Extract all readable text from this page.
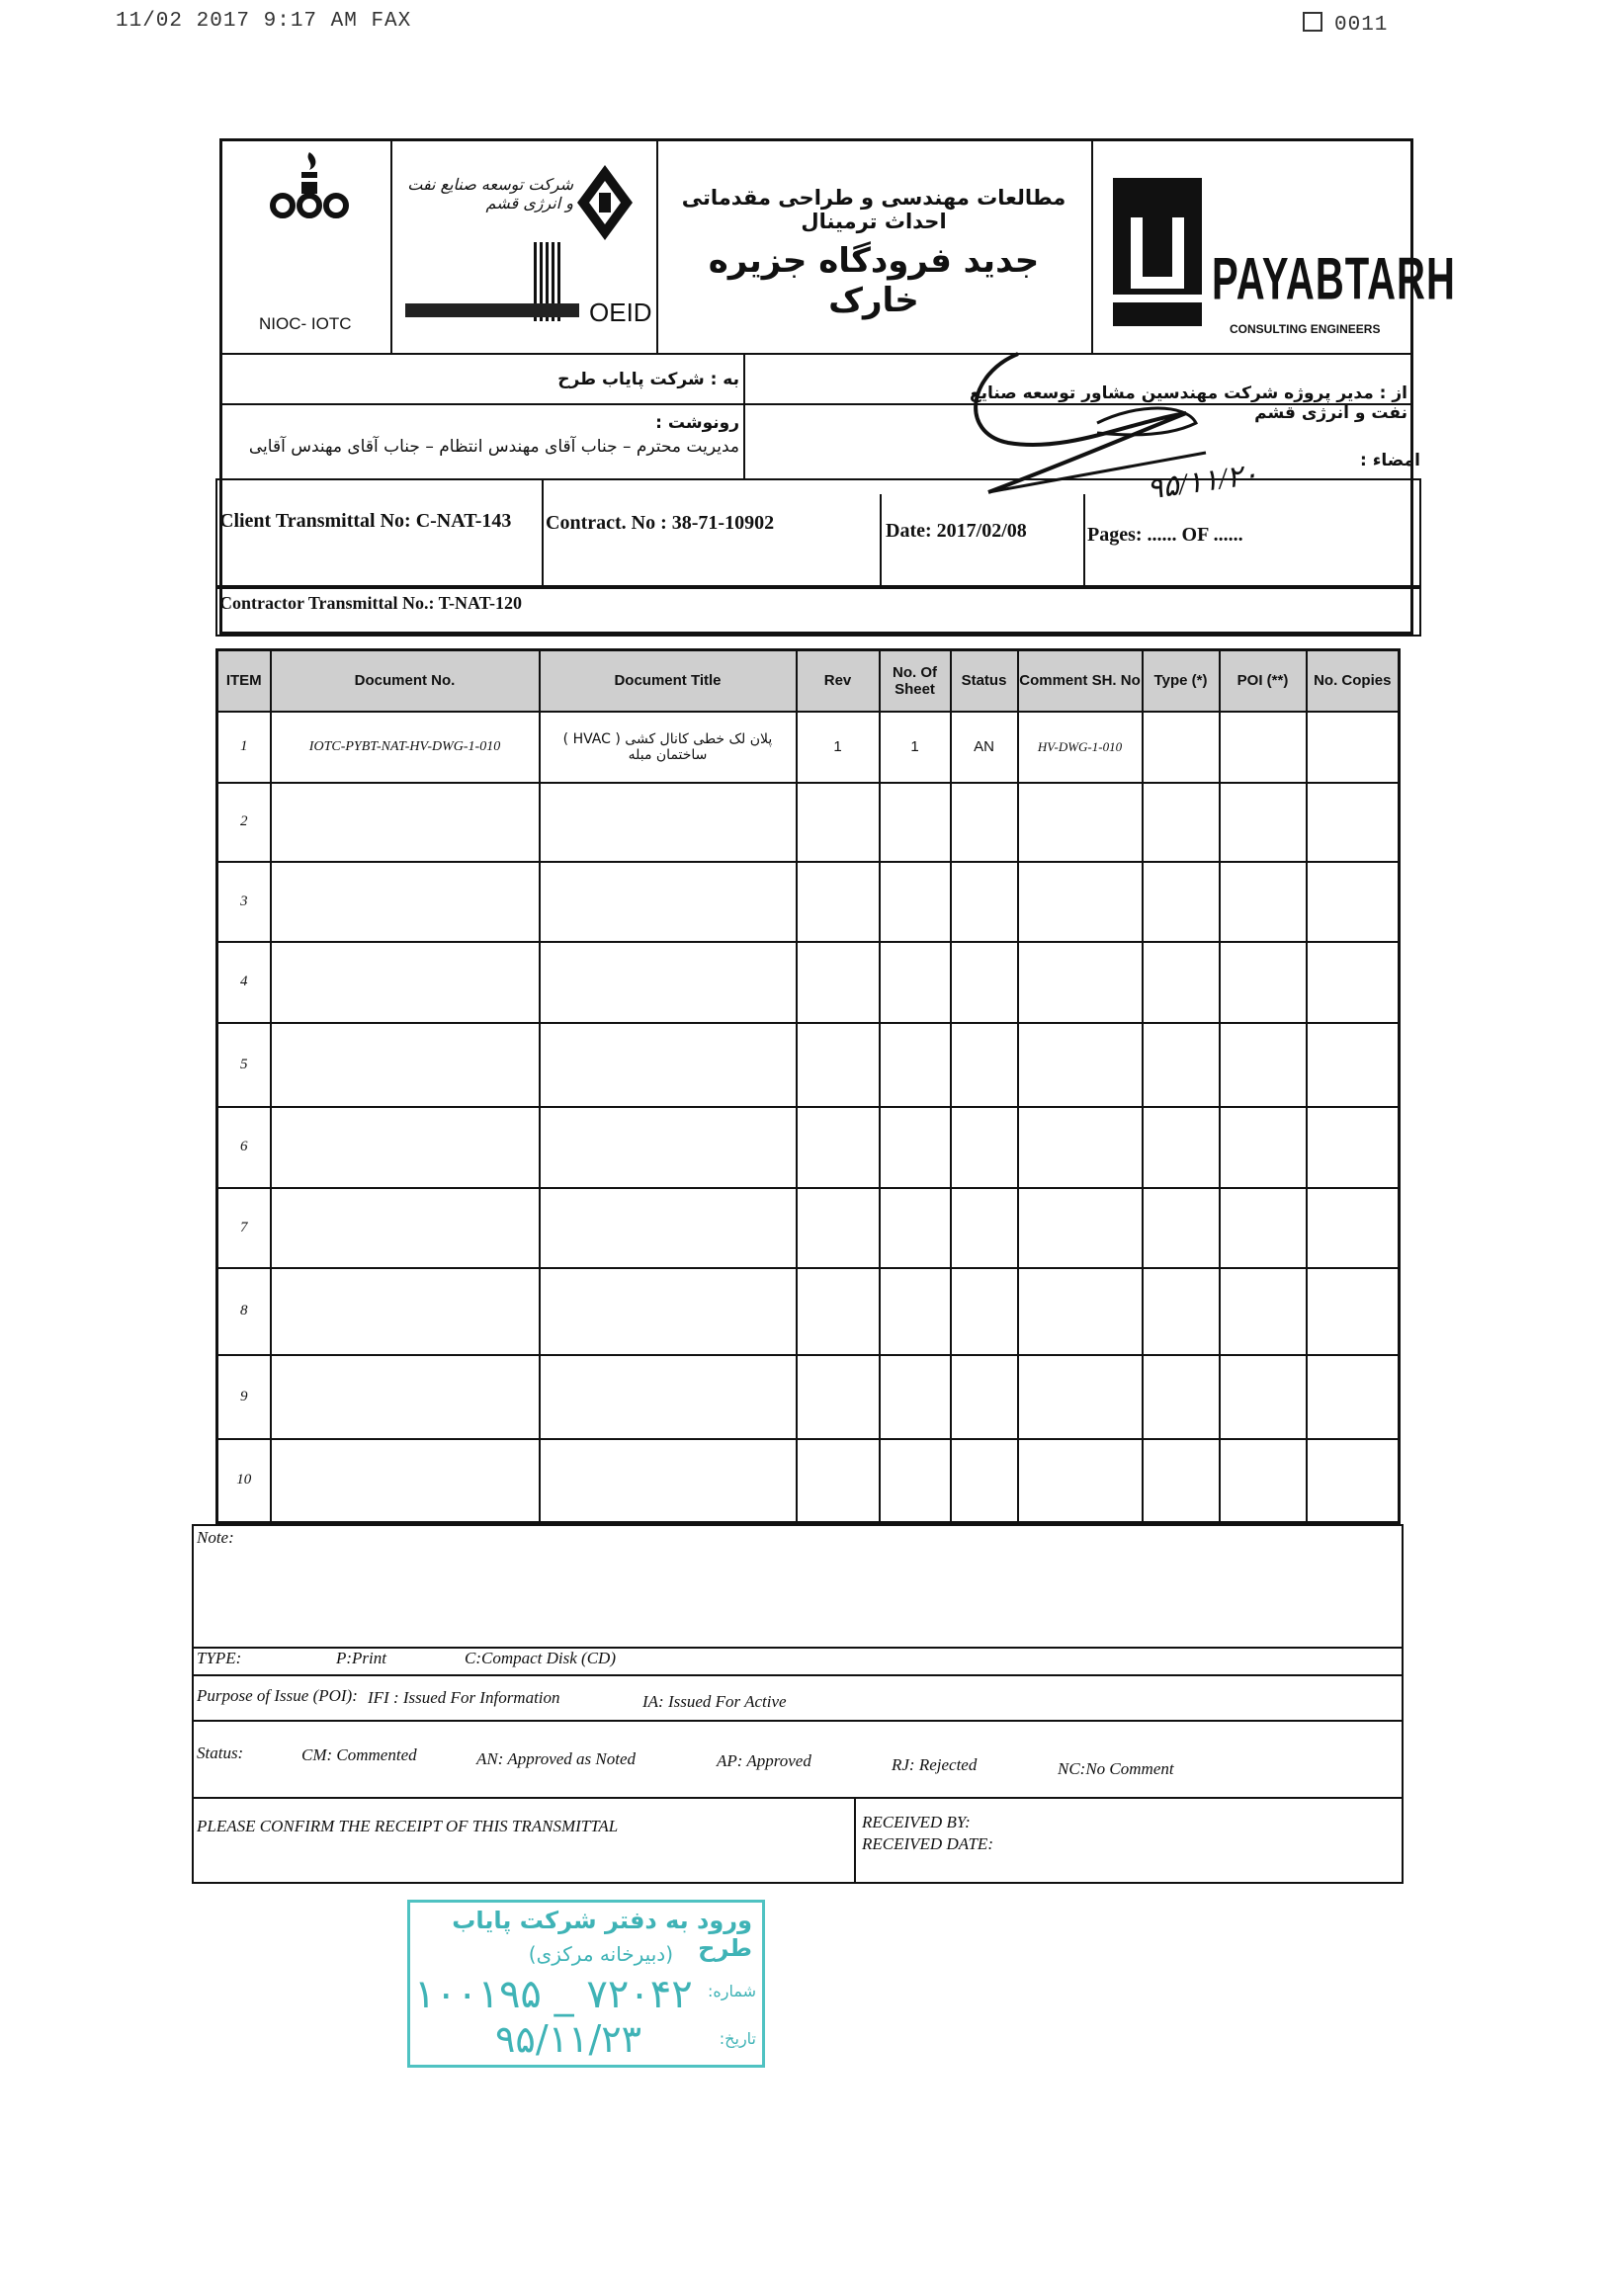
11/02 2017 9:17 AM FAX	0011
NIOC- IOTC
شرکت توسعه صنایع نفت و انرژی قشم
OEID
مطالعات مهندسی و طراحی مقدماتی احداث ترمینال
جدید فرودگاه جزیره خارک	PAYABTARH
CONSULTING ENGINEERS
به : شرکت پایاب طرح
از : مدیر پروژه شرکت مهندسین مشاور توسعه صنایع نفت و انرژی قشم
رونوشت :
مدیریت محترم – جناب آقای مهندس انتظام – جناب آقای مهندس آقایی
امضاء :
۹۵/۱۱/۲۰
Client Transmittal No: C-NAT-143 Contract. No : 38-71-10902	Date: 2017/02/08	Pages: ...... OF ......
Contractor Transmittal No.: T-NAT-120
ITEM	Document No.	Document Title	Rev	No. Of Sheet	Status	Comment SH. No	Type (*)	POI (**)	No. Copies
1	IOTC-PYBT-NAT-HV-DWG-1-010	پلان لک خطی کانال کشی ( HVAC ) ساختمان مبله	1	1	AN	HV-DWG-1-010			
2									
3									
4									
5									
6									
7									
8									
9									
10									
Note:
TYPE:	P:Print	C:Compact Disk (CD)
Purpose of Issue (POI): IFI : Issued For Information	IA: Issued For Active
Status:	CM: Commented	AN: Approved as Noted	AP: Approved	RJ: Rejected	NC:No Comment
PLEASE CONFIRM THE RECEIPT OF THIS TRANSMITTAL	RECEIVED BY:
RECEIVED DATE:
ورود به دفتر شرکت پایاب طرح
(دبیرخانه مرکزی)
شماره:
۱۰۰۱۹۵ _ ۷۲۰۴۲
تاریخ:
۹۵/۱۱/۲۳
